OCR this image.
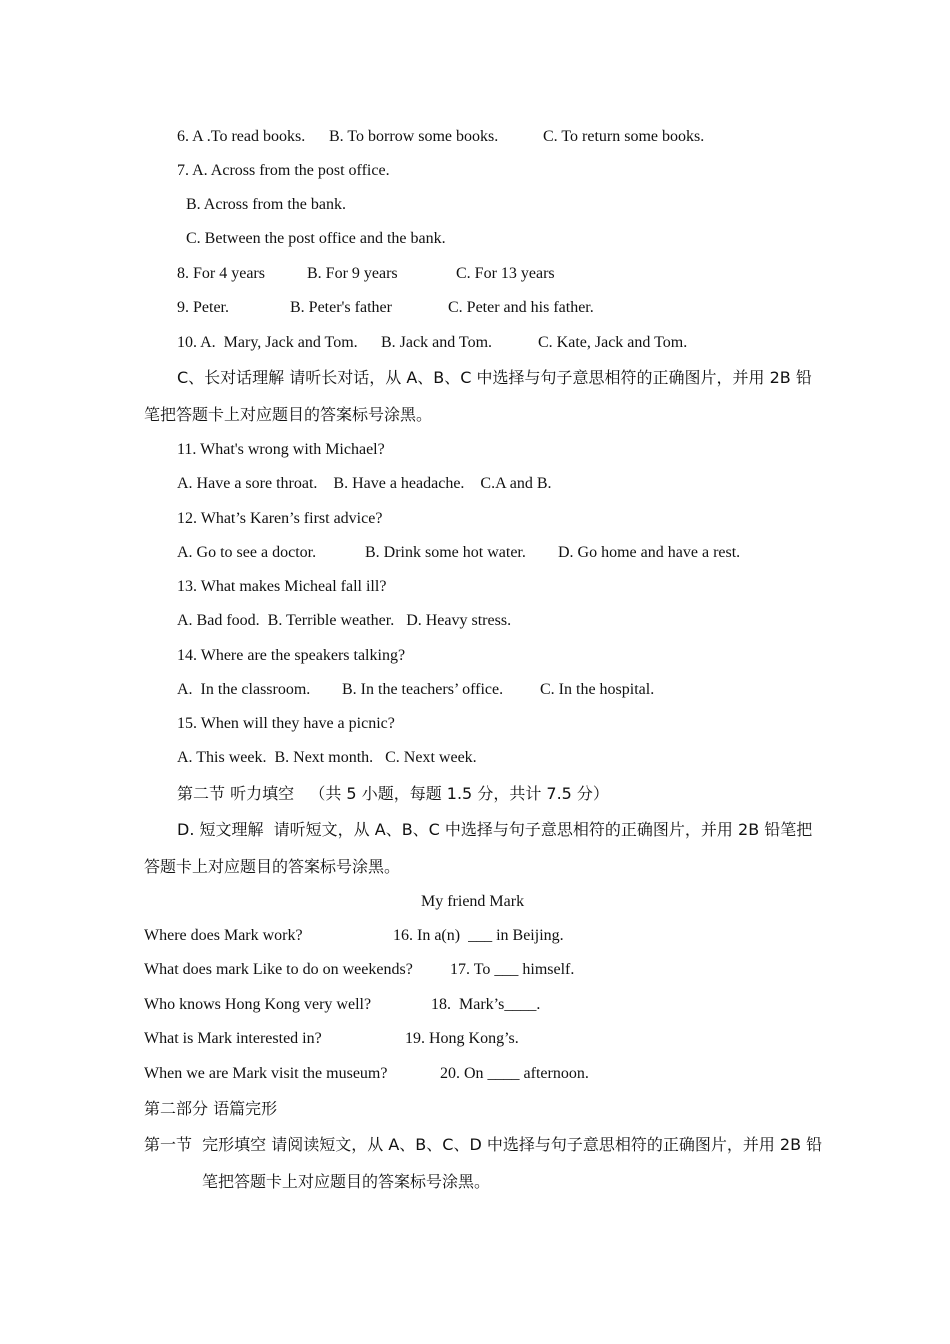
6. A .To read books. B. To borrow some books.	C. To return some books.
7. A. Across from the post office.
B. Across from the bank.
C. Between the post office and the bank.
8. For 4 years	B. For 9 years	C. For 13 years
9. Peter.	B. Peter's father	C. Peter and his father.
10. A.  Mary, Jack and Tom. B. Jack and Tom.	C. Kate, Jack and Tom.
C、长对话理解 请听长对话，从 A、B、C 中选择与句子意思相符的正确图片，并用 2B 铅
笔把答题卡上对应题目的答案标号涂黑。
11. What's wrong with Michael?
A. Have a sore throat.    B. Have a headache.    C.A and B.
12. What’s Karen’s first advice?
A. Go to see a doctor.	B. Drink some hot water. D. Go home and have a rest.
13. What makes Micheal fall ill?
A. Bad food.  B. Terrible weather.   D. Heavy stress.
14. Where are the speakers talking?
A.  In the classroom. B. In the teachers’ office. C. In the hospital.
15. When will they have a picnic?
A. This week.  B. Next month.   C. Next week.
第二节 听力填空   （共 5 小题，每题 1.5 分，共计 7.5 分）
D. 短文理解  请听短文，从 A、B、C 中选择与句子意思相符的正确图片，并用 2B 铅笔把
答题卡上对应题目的答案标号涂黑。
My friend Mark
Where does Mark work?	16. In a(n)  ___ in Beijing.
What does mark Like to do on weekends? 17. To ___ himself.
Who knows Hong Kong very well?	18.  Mark’s____.
What is Mark interested in?	19. Hong Kong’s.
When we are Mark visit the museum?	20. On ____ afternoon.
第二部分 语篇完形
第一节  完形填空 请阅读短文，从 A、B、C、D 中选择与句子意思相符的正确图片，并用 2B 铅
笔把答题卡上对应题目的答案标号涂黑。
